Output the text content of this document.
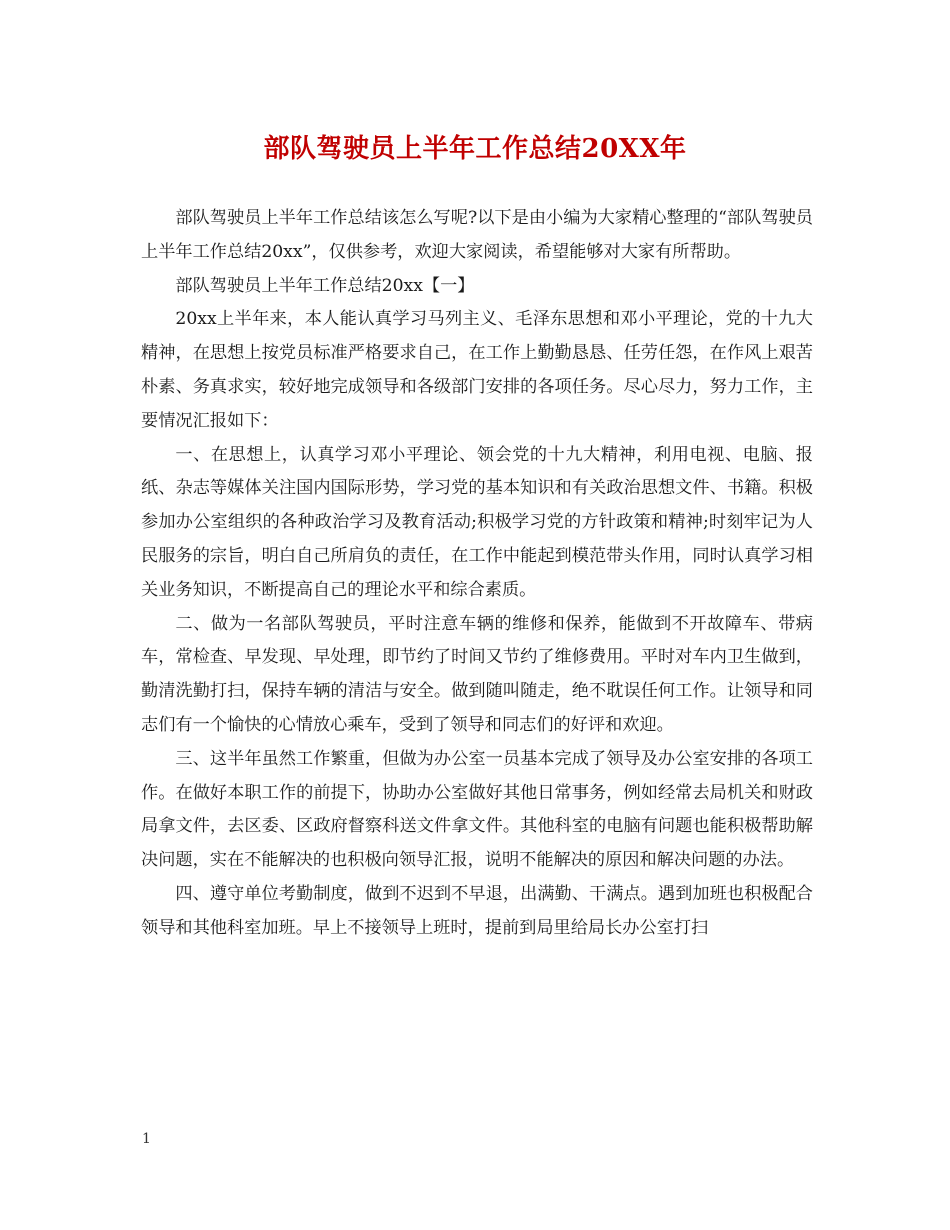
部队驾驶员上半年工作总结20XX年

部队驾驶员上半年工作总结该怎么写呢?以下是由小编为大家精心整理的“部队驾驶员上半年工作总结20xx”，仅供参考，欢迎大家阅读，希望能够对大家有所帮助。

部队驾驶员上半年工作总结20xx【一】

20xx上半年来，本人能认真学习马列主义、毛泽东思想和邓小平理论，党的十九大精神，在思想上按党员标准严格要求自己，在工作上勤勤恳恳、任劳任怨，在作风上艰苦朴素、务真求实，较好地完成领导和各级部门安排的各项任务。尽心尽力，努力工作，主要情况汇报如下：

一、在思想上，认真学习邓小平理论、领会党的十九大精神，利用电视、电脑、报纸、杂志等媒体关注国内国际形势，学习党的基本知识和有关政治思想文件、书籍。积极参加办公室组织的各种政治学习及教育活动;积极学习党的方针政策和精神;时刻牢记为人民服务的宗旨，明白自己所肩负的责任，在工作中能起到模范带头作用，同时认真学习相关业务知识，不断提高自己的理论水平和综合素质。

二、做为一名部队驾驶员，平时注意车辆的维修和保养，能做到不开故障车、带病车，常检查、早发现、早处理，即节约了时间又节约了维修费用。平时对车内卫生做到，勤清洗勤打扫，保持车辆的清洁与安全。做到随叫随走，绝不耽误任何工作。让领导和同志们有一个愉快的心情放心乘车，受到了领导和同志们的好评和欢迎。

三、这半年虽然工作繁重，但做为办公室一员基本完成了领导及办公室安排的各项工作。在做好本职工作的前提下，协助办公室做好其他日常事务，例如经常去局机关和财政局拿文件，去区委、区政府督察科送文件拿文件。其他科室的电脑有问题也能积极帮助解决问题，实在不能解决的也积极向领导汇报，说明不能解决的原因和解决问题的办法。

四、遵守单位考勤制度，做到不迟到不早退，出满勤、干满点。遇到加班也积极配合领导和其他科室加班。早上不接领导上班时，提前到局里给局长办公室打扫

1
